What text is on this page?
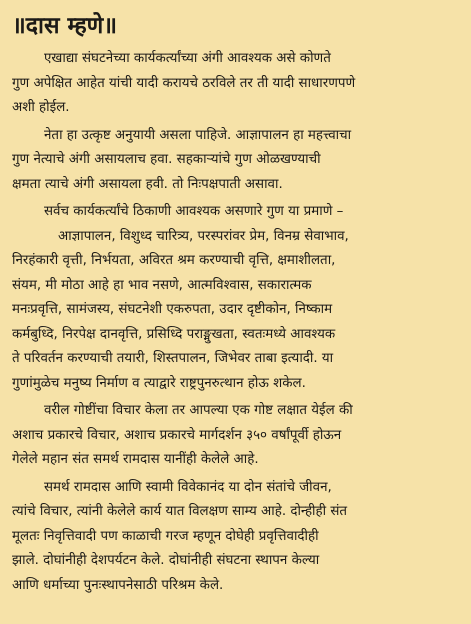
॥दास म्हणे॥
एखाद्या संघटनेच्या कार्यकर्त्यांच्या अंगी आवश्यक असे कोणते
गुण अपेक्षित आहेत यांची यादी करायचे ठरविले तर ती यादी साधारणपणे
अशी होईल.
नेता हा उत्कृष्ट अनुयायी असला पाहिजे. आज्ञापालन हा महत्त्वाचा
गुण नेत्याचे अंगी असायलाच हवा. सहकाऱ्यांचे गुण ओळखण्याची
क्षमता त्याचे अंगी असायला हवी. तो निःपक्षपाती असावा.
सर्वच कार्यकर्त्यांचे ठिकाणी आवश्यक असणारे गुण या प्रमाणे –
आज्ञापालन, विशुध्द चारित्र्य, परस्परांवर प्रेम, विनम्र सेवाभाव,
निरहंकारी वृत्ती, निर्भयता, अविरत श्रम करण्याची वृत्ति, क्षमाशीलता,
संयम, मी मोठा आहे हा भाव नसणे, आत्मविश्वास, सकारात्मक
मनःप्रवृत्ति, सामंजस्य, संघटनेशी एकरुपता, उदार दृष्टीकोन, निष्काम
कर्मबुध्दि, निरपेक्ष दानवृत्ति, प्रसिध्दि पराङ्मुखता, स्वतःमध्ये आवश्यक
ते परिवर्तन करण्याची तयारी, शिस्तपालन, जिभेवर ताबा इत्यादी. या
गुणांमुळेच मनुष्य निर्माण व त्याद्वारे राष्ट्रपुनरुत्थान होऊ शकेल.
वरील गोष्टींचा विचार केला तर आपल्या एक गोष्ट लक्षात येईल की
अशाच प्रकारचे विचार, अशाच प्रकारचे मार्गदर्शन ३५० वर्षांपूर्वी होऊन
गेलेले महान संत समर्थ रामदास यानींही केलेले आहे.
समर्थ रामदास आणि स्वामी विवेकानंद या दोन संतांचे जीवन,
त्यांचे विचार, त्यांनी केलेले कार्य यात विलक्षण साम्य आहे. दोन्हीही संत
मूलतः निवृत्तिवादी पण काळाची गरज म्हणून दोघेही प्रवृत्तिवादीही
झाले. दोघांनीही देशपर्यटन केले. दोघांनीही संघटना स्थापन केल्या
आणि धर्माच्या पुनःस्थापनेसाठी परिश्रम केले.
